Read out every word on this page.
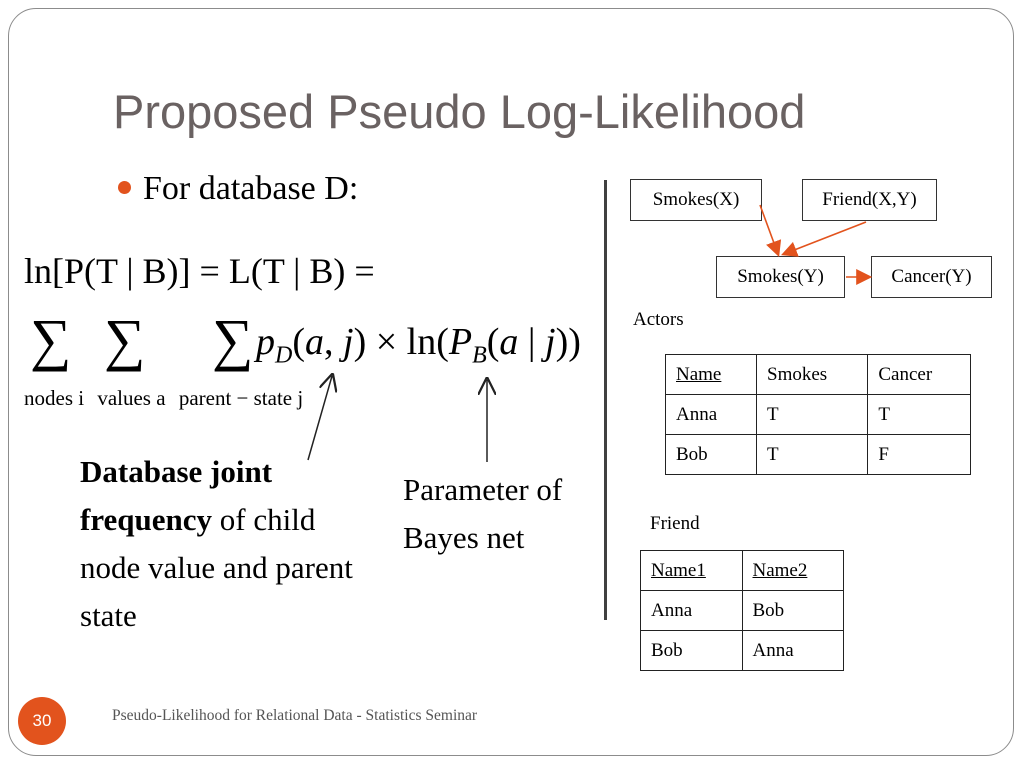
Proposed Pseudo Log-Likelihood
For database D:
ln[P(T | B)] = L(T | B) =
∑ ∑ ∑ $p_D(a$, $j) \times \ln(P_B(a$ | j))
nodes i values a parent − state j
Database joint frequency of child node value and parent state
Parameter of Bayes net
Smokes(X)	Friend(X,Y)
Smokes(Y)	Cancer(Y)
Actors
Name	Smokes	Cancer
Anna	T	T
Bob	T	F
Friend
Name1	Name2
Anna	Bob
Bob	Anna
30	Pseudo-Likelihood for Relational Data - Statistics Seminar
